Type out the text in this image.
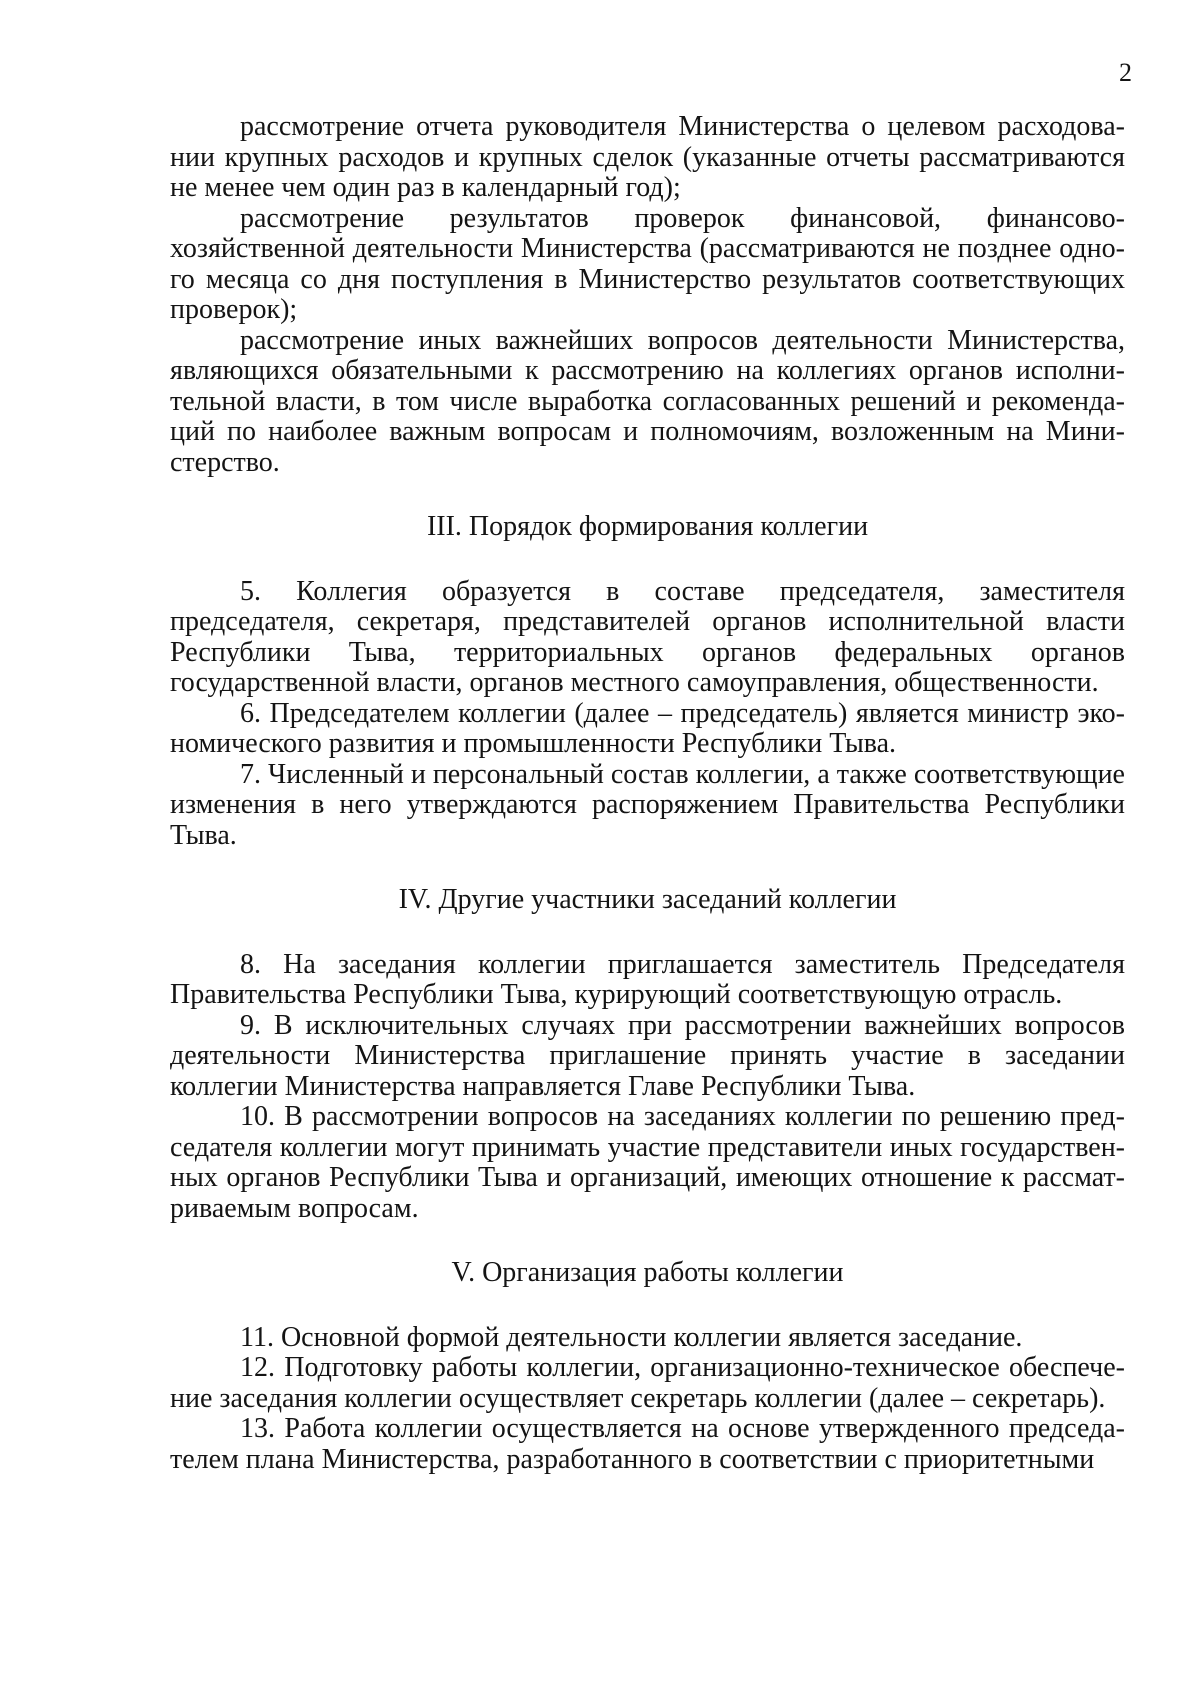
2

рассмотрение отчета руководителя Министерства о целевом расходовании крупных расходов и крупных сделок (указанные отчеты рассматриваются не менее чем один раз в календарный год);

рассмотрение результатов проверок финансовой, финансово-хозяйственной деятельности Министерства (рассматриваются не позднее одного месяца со дня поступления в Министерство результатов соответствующих проверок);

рассмотрение иных важнейших вопросов деятельности Министерства, являющихся обязательными к рассмотрению на коллегиях органов исполнительной власти, в том числе выработка согласованных решений и рекомендаций по наиболее важным вопросам и полномочиям, возложенным на Министерство.

III. Порядок формирования коллегии

5. Коллегия образуется в составе председателя, заместителя председателя, секретаря, представителей органов исполнительной власти Республики Тыва, территориальных органов федеральных органов государственной власти, органов местного самоуправления, общественности.

6. Председателем коллегии (далее – председатель) является министр экономического развития и промышленности Республики Тыва.

7. Численный и персональный состав коллегии, а также соответствующие изменения в него утверждаются распоряжением Правительства Республики Тыва.

IV. Другие участники заседаний коллегии

8. На заседания коллегии приглашается заместитель Председателя Правительства Республики Тыва, курирующий соответствующую отрасль.

9. В исключительных случаях при рассмотрении важнейших вопросов деятельности Министерства приглашение принять участие в заседании коллегии Министерства направляется Главе Республики Тыва.

10. В рассмотрении вопросов на заседаниях коллегии по решению председателя коллегии могут принимать участие представители иных государственных органов Республики Тыва и организаций, имеющих отношение к рассматриваемым вопросам.

V. Организация работы коллегии

11. Основной формой деятельности коллегии является заседание.

12. Подготовку работы коллегии, организационно-техническое обеспечение заседания коллегии осуществляет секретарь коллегии (далее – секретарь).

13. Работа коллегии осуществляется на основе утвержденного председателем плана Министерства, разработанного в соответствии с приоритетными
